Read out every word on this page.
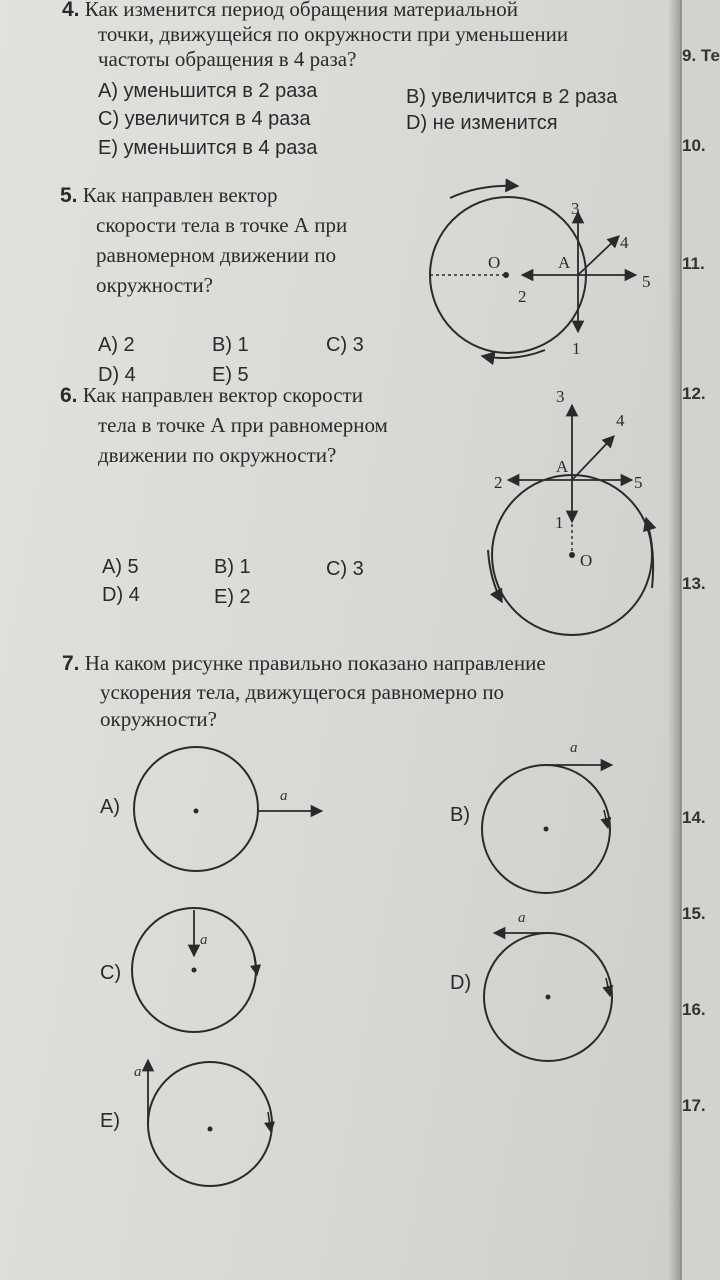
9. Те
10.
11.
12.
13.
14.
15.
16.
17.
4. Как изменится период обращения материальной
точки, движущейся по окружности при уменьшении
частоты обращения в 4 раза?
A) уменьшится в 2 раза	B) увеличится в 2 раза
C) увеличится в 4 раза	D) не изменится
E) уменьшится в 4 раза
5. Как направлен вектор
скорости тела в точке А при
равномерном движении по
окружности?
A) 2	B) 1	C) 3
D) 4	E) 5
O	A
3
4
5
2
1
3
4
A
2	5
1
O
a
a
a
a
a
6. Как направлен вектор скорости
тела в точке А при равномерном
движении по окружности?
A) 5	B) 1	C) 3
D) 4	E) 2
7. На каком рисунке правильно показано направление
ускорения тела, движущегося равномерно по
окружности?
A)	B)
C)	D)
E)
